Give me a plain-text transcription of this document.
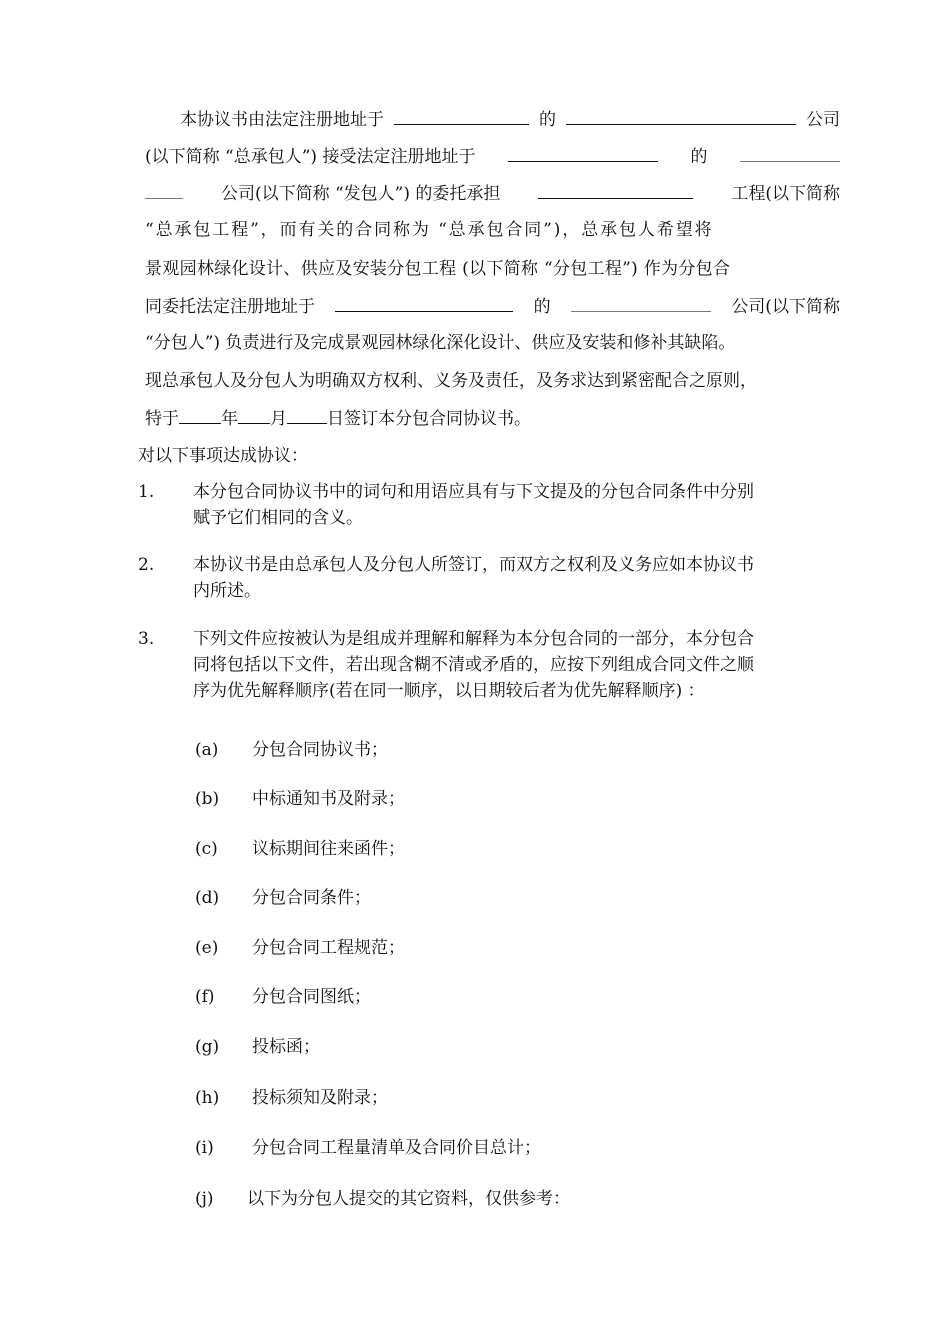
本协议书由法定注册地址于	的	公司
(以下简称 “总承包人”) 接受法定注册地址于	的
公司(以下简称 “发包人”) 的委托承担	工程(以下简称
“总承包工程”，而有关的合同称为 “总承包合同”)，总承包人希望将
景观园林绿化设计、供应及安装分包工程 (以下简称 “分包工程”) 作为分包合
同委托法定注册地址于	的	公司(以下简称
“分包人”) 负责进行及完成景观园林绿化深化设计、供应及安装和修补其缺陷。
现总承包人及分包人为明确双方权利、义务及责任，及务求达到紧密配合之原则，
特于 年 月 日签订本分包合同协议书。
对以下事项达成协议：
1. 本分包合同协议书中的词句和用语应具有与下文提及的分包合同条件中分别
赋予它们相同的含义。
2. 本协议书是由总承包人及分包人所签订，而双方之权利及义务应如本协议书
内所述。
3. 下列文件应按被认为是组成并理解和解释为本分包合同的一部分，本分包合
同将包括以下文件，若出现含糊不清或矛盾的，应按下列组成合同文件之顺
序为优先解释顺序(若在同一顺序，以日期较后者为优先解释顺序) ：
(a) 分包合同协议书；
(b) 中标通知书及附录；
(c) 议标期间往来函件；
(d) 分包合同条件；
(e) 分包合同工程规范；
(f) 分包合同图纸；
(g) 投标函；
(h) 投标须知及附录；
(i) 分包合同工程量清单及合同价目总计；
(j) 以下为分包人提交的其它资料，仅供参考：
